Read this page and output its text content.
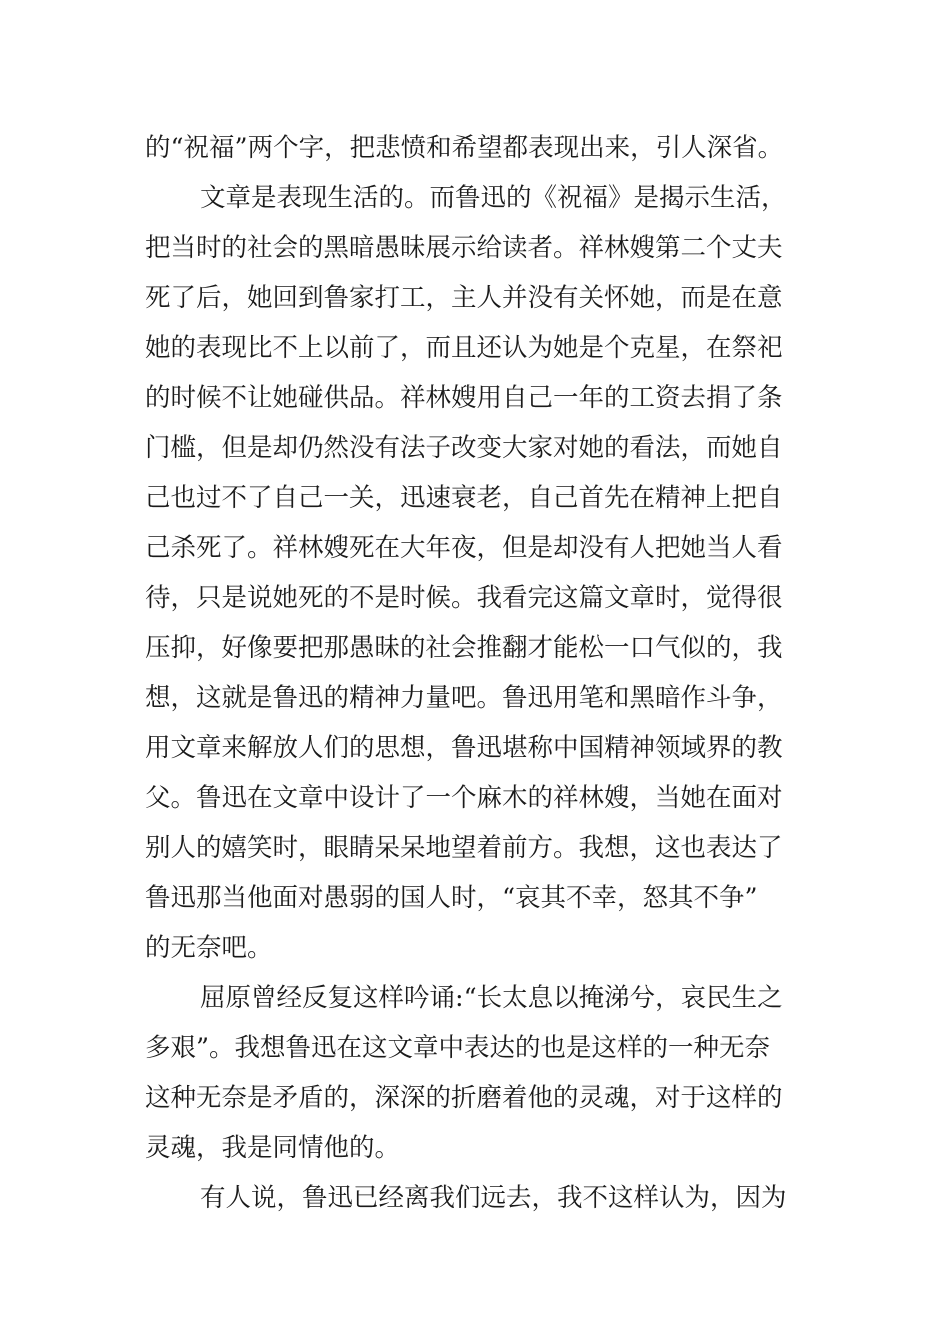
的“祝福”两个字，把悲愤和希望都表现出来，引人深省。
文章是表现生活的。而鲁迅的《祝福》是揭示生活，
把当时的社会的黑暗愚昧展示给读者。祥林嫂第二个丈夫
死了后，她回到鲁家打工，主人并没有关怀她，而是在意
她的表现比不上以前了，而且还认为她是个克星，在祭祀
的时候不让她碰供品。祥林嫂用自己一年的工资去捐了条
门槛，但是却仍然没有法子改变大家对她的看法，而她自
己也过不了自己一关，迅速衰老，自己首先在精神上把自
己杀死了。祥林嫂死在大年夜，但是却没有人把她当人看
待，只是说她死的不是时候。我看完这篇文章时，觉得很
压抑，好像要把那愚昧的社会推翻才能松一口气似的，我
想，这就是鲁迅的精神力量吧。鲁迅用笔和黑暗作斗争，
用文章来解放人们的思想，鲁迅堪称中国精神领域界的教
父。鲁迅在文章中设计了一个麻木的祥林嫂，当她在面对
别人的嬉笑时，眼睛呆呆地望着前方。我想，这也表达了
鲁迅那当他面对愚弱的国人时，“哀其不幸，怒其不争”
的无奈吧。
屈原曾经反复这样吟诵:“长太息以掩涕兮，哀民生之
多艰”。我想鲁迅在这文章中表达的也是这样的一种无奈
这种无奈是矛盾的，深深的折磨着他的灵魂，对于这样的
灵魂，我是同情他的。
有人说，鲁迅已经离我们远去，我不这样认为，因为
